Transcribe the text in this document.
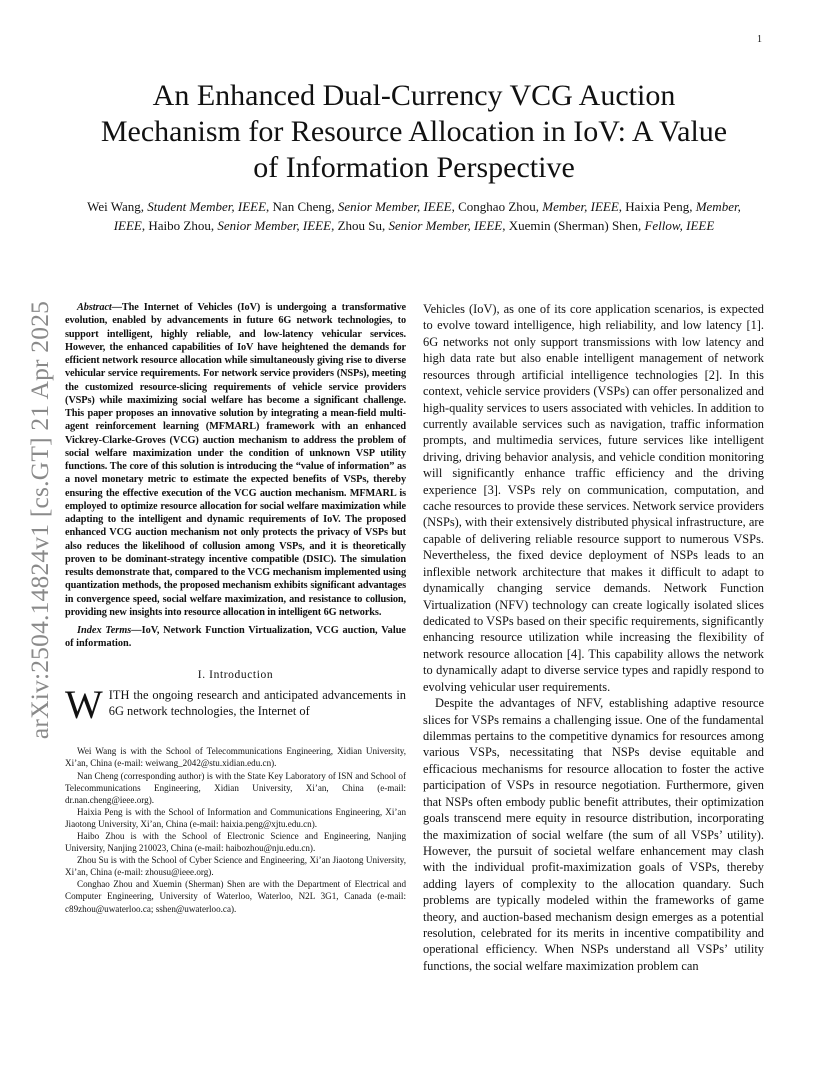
1
arXiv:2504.14824v1 [cs.GT] 21 Apr 2025
An Enhanced Dual-Currency VCG Auction Mechanism for Resource Allocation in IoV: A Value of Information Perspective

Wei Wang, Student Member, IEEE, Nan Cheng, Senior Member, IEEE, Conghao Zhou, Member, IEEE, Haixia Peng, Member, IEEE, Haibo Zhou, Senior Member, IEEE, Zhou Su, Senior Member, IEEE, Xuemin (Sherman) Shen, Fellow, IEEE

Abstract—The Internet of Vehicles (IoV) is undergoing a transformative evolution, enabled by advancements in future 6G network technologies, to support intelligent, highly reliable, and low-latency vehicular services. However, the enhanced capabilities of IoV have heightened the demands for efficient network resource allocation while simultaneously giving rise to diverse vehicular service requirements. For network service providers (NSPs), meeting the customized resource-slicing requirements of vehicle service providers (VSPs) while maximizing social welfare has become a significant challenge. This paper proposes an innovative solution by integrating a mean-field multi-agent reinforcement learning (MFMARL) framework with an enhanced Vickrey-Clarke-Groves (VCG) auction mechanism to address the problem of social welfare maximization under the condition of unknown VSP utility functions. The core of this solution is introducing the “value of information” as a novel monetary metric to estimate the expected benefits of VSPs, thereby ensuring the effective execution of the VCG auction mechanism. MFMARL is employed to optimize resource allocation for social welfare maximization while adapting to the intelligent and dynamic requirements of IoV. The proposed enhanced VCG auction mechanism not only protects the privacy of VSPs but also reduces the likelihood of collusion among VSPs, and it is theoretically proven to be dominant-strategy incentive compatible (DSIC). The simulation results demonstrate that, compared to the VCG mechanism implemented using quantization methods, the proposed mechanism exhibits significant advantages in convergence speed, social welfare maximization, and resistance to collusion, providing new insights into resource allocation in intelligent 6G networks.

Index Terms—IoV, Network Function Virtualization, VCG auction, Value of information.

I. Introduction

WITH the ongoing research and anticipated advancements in 6G network technologies, the Internet of

Wei Wang is with the School of Telecommunications Engineering, Xidian University, Xi’an, China (e-mail: weiwang_2042@stu.xidian.edu.cn).

Nan Cheng (corresponding author) is with the State Key Laboratory of ISN and School of Telecommunications Engineering, Xidian University, Xi’an, China (e-mail: dr.nan.cheng@ieee.org).

Haixia Peng is with the School of Information and Communications Engineering, Xi’an Jiaotong University, Xi’an, China (e-mail: haixia.peng@xjtu.edu.cn).

Haibo Zhou is with the School of Electronic Science and Engineering, Nanjing University, Nanjing 210023, China (e-mail: haibozhou@nju.edu.cn).

Zhou Su is with the School of Cyber Science and Engineering, Xi’an Jiaotong University, Xi’an, China (e-mail: zhousu@ieee.org).

Conghao Zhou and Xuemin (Sherman) Shen are with the Department of Electrical and Computer Engineering, University of Waterloo, Waterloo, N2L 3G1, Canada (e-mail: c89zhou@uwaterloo.ca; sshen@uwaterloo.ca).

Vehicles (IoV), as one of its core application scenarios, is expected to evolve toward intelligence, high reliability, and low latency [1]. 6G networks not only support transmissions with low latency and high data rate but also enable intelligent management of network resources through artificial intelligence technologies [2]. In this context, vehicle service providers (VSPs) can offer personalized and high-quality services to users associated with vehicles. In addition to currently available services such as navigation, traffic information prompts, and multimedia services, future services like intelligent driving, driving behavior analysis, and vehicle condition monitoring will significantly enhance traffic efficiency and the driving experience [3]. VSPs rely on communication, computation, and cache resources to provide these services. Network service providers (NSPs), with their extensively distributed physical infrastructure, are capable of delivering reliable resource support to numerous VSPs. Nevertheless, the fixed device deployment of NSPs leads to an inflexible network architecture that makes it difficult to adapt to dynamically changing service demands. Network Function Virtualization (NFV) technology can create logically isolated slices dedicated to VSPs based on their specific requirements, significantly enhancing resource utilization while increasing the flexibility of network resource allocation [4]. This capability allows the network to dynamically adapt to diverse service types and rapidly respond to evolving vehicular user requirements.

Despite the advantages of NFV, establishing adaptive resource slices for VSPs remains a challenging issue. One of the fundamental dilemmas pertains to the competitive dynamics for resources among various VSPs, necessitating that NSPs devise equitable and efficacious mechanisms for resource allocation to foster the active participation of VSPs in resource negotiation. Furthermore, given that NSPs often embody public benefit attributes, their optimization goals transcend mere equity in resource distribution, incorporating the maximization of social welfare (the sum of all VSPs’ utility). However, the pursuit of societal welfare enhancement may clash with the individual profit-maximization goals of VSPs, thereby adding layers of complexity to the allocation quandary. Such problems are typically modeled within the frameworks of game theory, and auction-based mechanism design emerges as a potential resolution, celebrated for its merits in incentive compatibility and operational efficiency. When NSPs understand all VSPs’ utility functions, the social welfare maximization problem can
